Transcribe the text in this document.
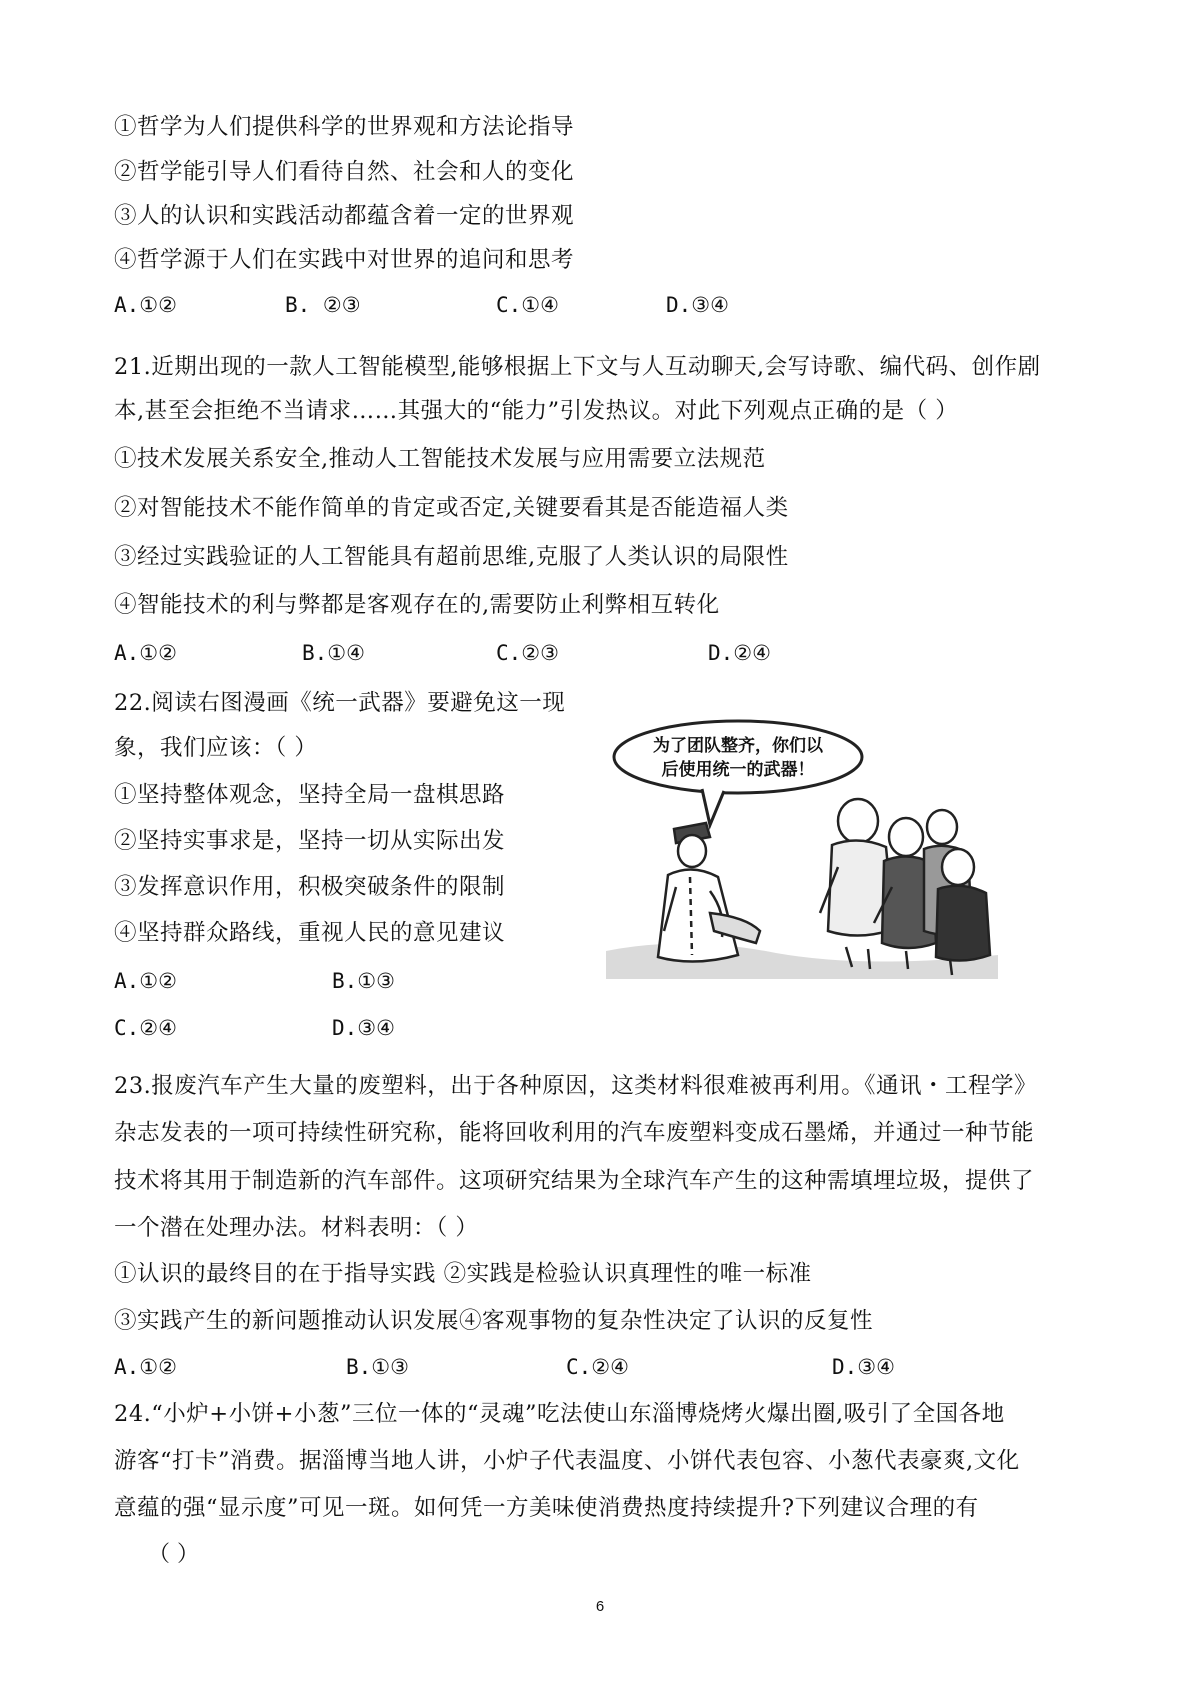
①哲学为人们提供科学的世界观和方法论指导
②哲学能引导人们看待自然、社会和人的变化
③人的认识和实践活动都蕴含着一定的世界观
④哲学源于人们在实践中对世界的追问和思考
A.①②	B. ②③	C.①④	D.③④
21.近期出现的一款人工智能模型,能够根据上下文与人互动聊天,会写诗歌、编代码、创作剧
本,甚至会拒绝不当请求……其强大的“能力”引发热议。对此下列观点正确的是（ ）
①技术发展关系安全,推动人工智能技术发展与应用需要立法规范
②对智能技术不能作简单的肯定或否定,关键要看其是否能造福人类
③经过实践验证的人工智能具有超前思维,克服了人类认识的局限性
④智能技术的利与弊都是客观存在的,需要防止利弊相互转化
A.①②	B.①④	C.②③	D.②④
22.阅读右图漫画《统一武器》要避免这一现
象，我们应该：（ ）
①坚持整体观念，坚持全局一盘棋思路
②坚持实事求是，坚持一切从实际出发
③发挥意识作用，积极突破条件的限制
④坚持群众路线，重视人民的意见建议
A.①②	B.①③
C.②④	D.③④
为了团队整齐，你们以
后使用统一的武器！
23.报废汽车产生大量的废塑料，出于各种原因，这类材料很难被再利用。《通讯・工程学》
杂志发表的一项可持续性研究称，能将回收利用的汽车废塑料变成石墨烯，并通过一种节能
技术将其用于制造新的汽车部件。这项研究结果为全球汽车产生的这种需填埋垃圾，提供了
一个潜在处理办法。材料表明：（ ）
①认识的最终目的在于指导实践 ②实践是检验认识真理性的唯一标准
③实践产生的新问题推动认识发展④客观事物的复杂性决定了认识的反复性
A.①②	B.①③	C.②④	D.③④
24.“小炉+小饼+小葱”三位一体的“灵魂”吃法使山东淄博烧烤火爆出圈,吸引了全国各地
游客“打卡”消费。据淄博当地人讲，小炉子代表温度、小饼代表包容、小葱代表豪爽,文化
意蕴的强“显示度”可见一斑。如何凭一方美味使消费热度持续提升?下列建议合理的有
（ ）
6
